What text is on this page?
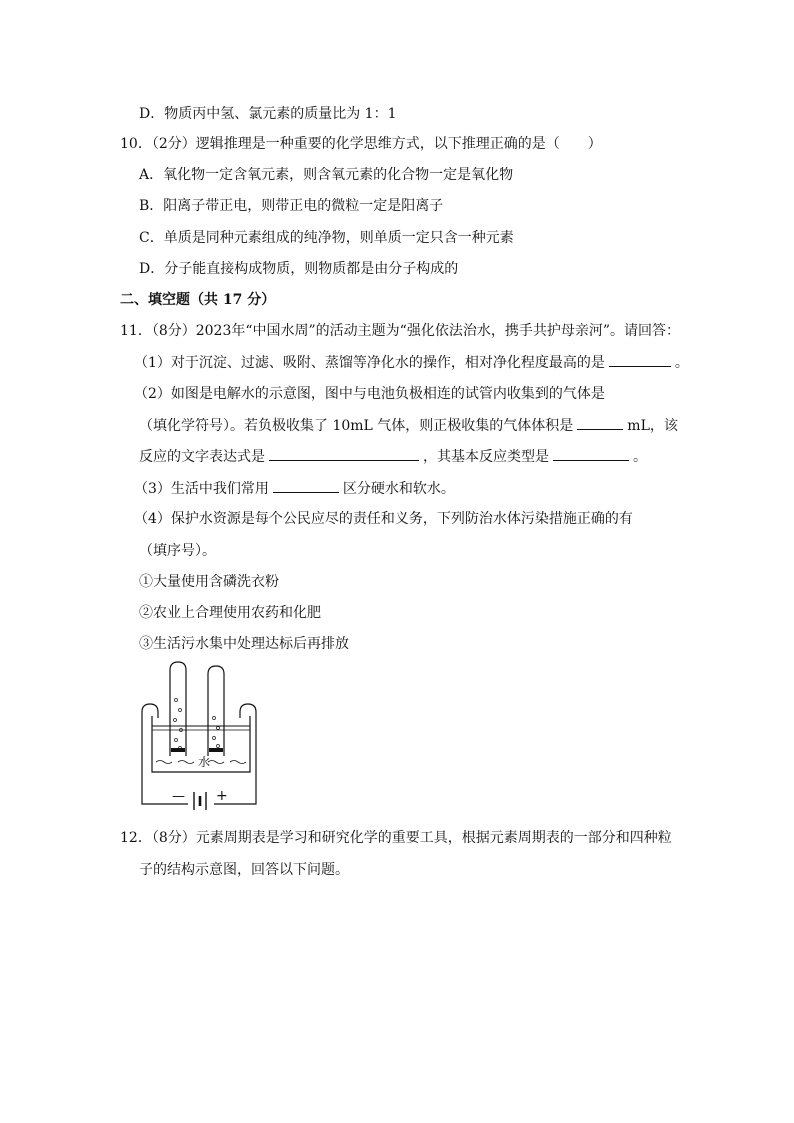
D．物质丙中氢、氯元素的质量比为 1：1
10．（2分）逻辑推理是一种重要的化学思维方式，以下推理正确的是（　　）
A．氧化物一定含氧元素，则含氧元素的化合物一定是氧化物
B．阳离子带正电，则带正电的微粒一定是阳离子
C．单质是同种元素组成的纯净物，则单质一定只含一种元素
D．分子能直接构成物质，则物质都是由分子构成的
二、填空题（共 17 分）
11．（8分）2023年“中国水周”的活动主题为“强化依法治水，携手共护母亲河”。请回答：
（1）对于沉淀、过滤、吸附、蒸馏等净化水的操作，相对净化程度最高的是	。
（2）如图是电解水的示意图，图中与电池负极相连的试管内收集到的气体是
（填化学符号）。若负极收集了 10mL 气体，则正极收集的气体体积是	mL，该
反应的文字表达式是	，其基本反应类型是	。
（3）生活中我们常用	区分硬水和软水。
（4）保护水资源是每个公民应尽的责任和义务，下列防治水体污染措施正确的有
（填序号）。
①大量使用含磷洗衣粉
②农业上合理使用农药和化肥
③生活污水集中处理达标后再排放
水
— +
12．（8分）元素周期表是学习和研究化学的重要工具，根据元素周期表的一部分和四种粒
子的结构示意图，回答以下问题。
